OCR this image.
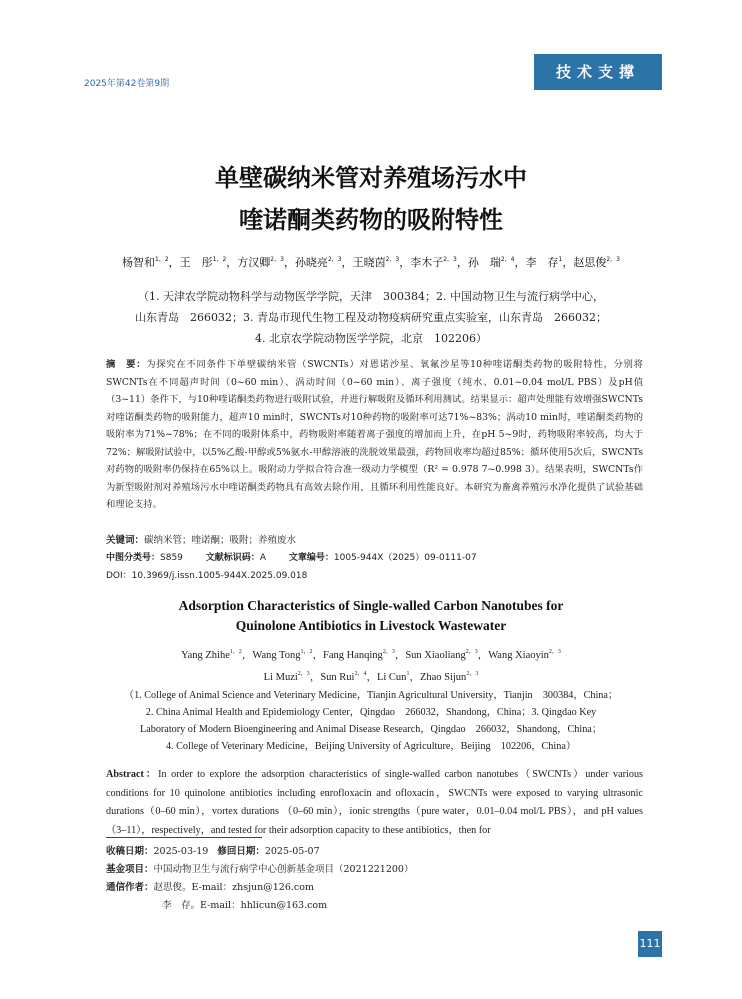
2025年第42卷第9期
技术支撑
单壁碳纳米管对养殖场污水中
喹诺酮类药物的吸附特性
杨智和$^{1,2}$，王　彤$^{1,2}$，方汉卿$^{2,3}$，孙晓亮$^{2,3}$，王晓茵$^{2,3}$，李木子$^{2,3}$，孙　瑞$^{2,4}$，李　存$^1$，赵思俊$^{2,3}$
（1. 天津农学院动物科学与动物医学学院，天津　300384；2. 中国动物卫生与流行病学中心，
山东青岛　266032；3. 青岛市现代生物工程及动物疫病研究重点实验室，山东青岛　266032；
4. 北京农学院动物医学学院，北京　102206）
摘　要：为探究在不同条件下单壁碳纳米管（SWCNTs）对恩诺沙星、氧氟沙星等10种喹诺酮类药物的吸附特性，分别将SWCNTs在不同超声时间（0~60 min）、涡动时间（0~60 min）、离子强度（纯水、0.01~0.04 mol/L PBS）及pH值（3~11）条件下，与10种喹诺酮类药物进行吸附试验，并进行解吸附及循环利用测试。结果显示：超声处理能有效增强SWCNTs对喹诺酮类药物的吸附能力，超声10 min时，SWCNTs对10种药物的吸附率可达71%~83%；涡动10 min时，喹诺酮类药物的吸附率为71%~78%；在不同的吸附体系中，药物吸附率随着离子强度的增加而上升，在pH 5~9时，药物吸附率较高，均大于72%；解吸附试验中，以5%乙酸-甲醇或5%氨水-甲醇溶液的洗脱效果最强，药物回收率均超过85%；循环使用5次后，SWCNTs对药物的吸附率仍保持在65%以上。吸附动力学拟合符合准一级动力学模型（R² = 0.978 7~0.998 3）。结果表明，SWCNTs作为新型吸附剂对养殖场污水中喹诺酮类药物具有高效去除作用，且循环利用性能良好。本研究为畜禽养殖污水净化提供了试验基础和理论支持。
关键词：碳纳米管；喹诺酮；吸附；养殖废水
中图分类号：S859	文献标识码：A	文章编号：1005-944X（2025）09-0111-07
DOI：10.3969/j.issn.1005-944X.2025.09.018
Adsorption Characteristics of Single-walled Carbon Nanotubes for
Quinolone Antibiotics in Livestock Wastewater
Yang Zhihe$^{1,2}$，Wang Tong$^{1,2}$，Fang Hanqing$^{2,3}$，Sun Xiaoliang$^{2,3}$，Wang Xiaoyin$^{2,3}$
Li Muzi$^{2,3}$，Sun Rui$^{2,4}$，Li Cun$^1$，Zhao Sijun$^{2,3}$
（1. College of Animal Science and Veterinary Medicine，Tianjin Agricultural University，Tianjin　300384，China；
2. China Animal Health and Epidemiology Center，Qingdao　266032，Shandong，China；3. Qingdao Key
Laboratory of Modern Bioengineering and Animal Disease Research，Qingdao　266032，Shandong，China；
4. College of Veterinary Medicine，Beijing University of Agriculture，Beijing　102206，China）
Abstract：In order to explore the adsorption characteristics of single-walled carbon nanotubes（SWCNTs）under various conditions for 10 quinolone antibiotics including enrofloxacin and ofloxacin，SWCNTs were exposed to varying ultrasonic durations（0–60 min），vortex durations （0–60 min），ionic strengths（pure water，0.01–0.04 mol/L PBS），and pH values（3–11），respectively，and tested for their adsorption capacity to these antibiotics，then for
收稿日期：2025-03-19 修回日期：2025-05-07
基金项目：中国动物卫生与流行病学中心创新基金项目（2021221200）
通信作者：赵思俊。E-mail：zhsjun@126.com
李　存。E-mail：hhlicun@163.com
111
